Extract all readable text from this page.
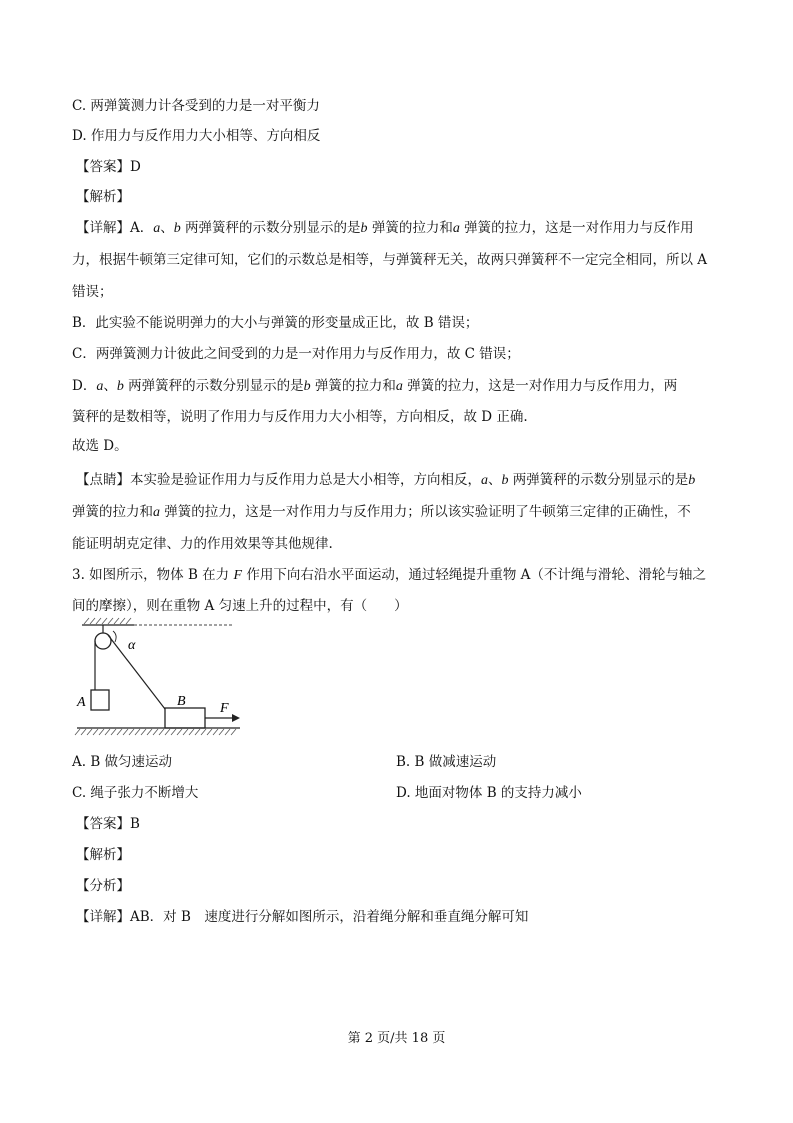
C. 两弹簧测力计各受到的力是一对平衡力
D. 作用力与反作用力大小相等、方向相反
【答案】D
【解析】
【详解】A．a、b 两弹簧秤的示数分别显示的是b 弹簧的拉力和a 弹簧的拉力，这是一对作用力与反作用
力，根据牛顿第三定律可知，它们的示数总是相等，与弹簧秤无关，故两只弹簧秤不一定完全相同，所以 A
错误；
B．此实验不能说明弹力的大小与弹簧的形变量成正比，故 B 错误；
C．两弹簧测力计彼此之间受到的力是一对作用力与反作用力，故 C 错误；
D．a、b 两弹簧秤的示数分别显示的是b 弹簧的拉力和a 弹簧的拉力，这是一对作用力与反作用力，两
簧秤的是数相等，说明了作用力与反作用力大小相等，方向相反，故 D 正确.
故选 D。
【点睛】本实验是验证作用力与反作用力总是大小相等，方向相反，a、b 两弹簧秤的示数分别显示的是b
弹簧的拉力和a 弹簧的拉力，这是一对作用力与反作用力；所以该实验证明了牛顿第三定律的正确性，不
能证明胡克定律、力的作用效果等其他规律.
3. 如图所示，物体 B 在力 F 作用下向右沿水平面运动，通过轻绳提升重物 A（不计绳与滑轮、滑轮与轴之
间的摩擦），则在重物 A 匀速上升的过程中，有（　　）
A
α
B F
A. B 做匀速运动	B. B 做减速运动
C. 绳子张力不断增大	D. 地面对物体 B 的支持力减小
【答案】B
【解析】
【分析】
【详解】AB．对 B　速度进行分解如图所示，沿着绳分解和垂直绳分解可知
第 2 页/共 18 页
